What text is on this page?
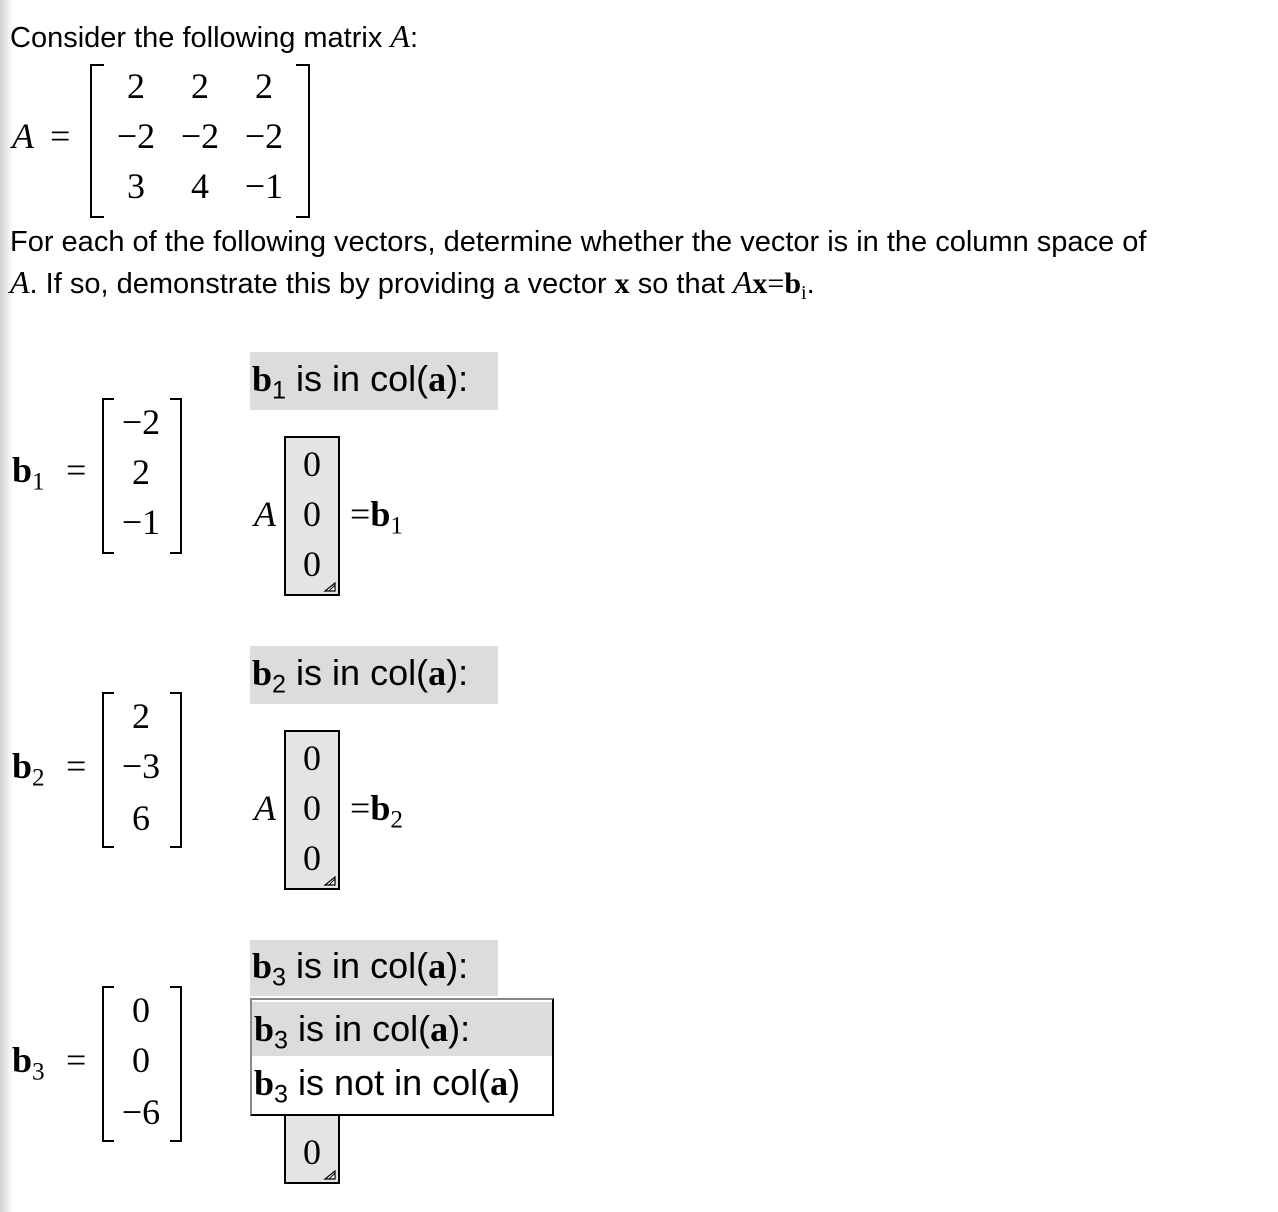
Consider the following matrix A:
A =
2	2	2
−2 −2 −2
3	4 −1
For each of the following vectors, determine whether the vector is in the column space of
A. If so, demonstrate this by providing a vector x so that $Ax=b_i$.
$b_1$ =
−2
2
−1
$b_1$ is in col(a):
A
0
0
0
$=b_1$
$b_2$ =
2
−3
6
$b_2$ is in col(a):
A
0
0
0
$=b_2$
$b_3$ =
0
0
−6
$b_3$ is in col(a):
0
$b_3$ is in col(a):
$b_3$ is not in col(a)
